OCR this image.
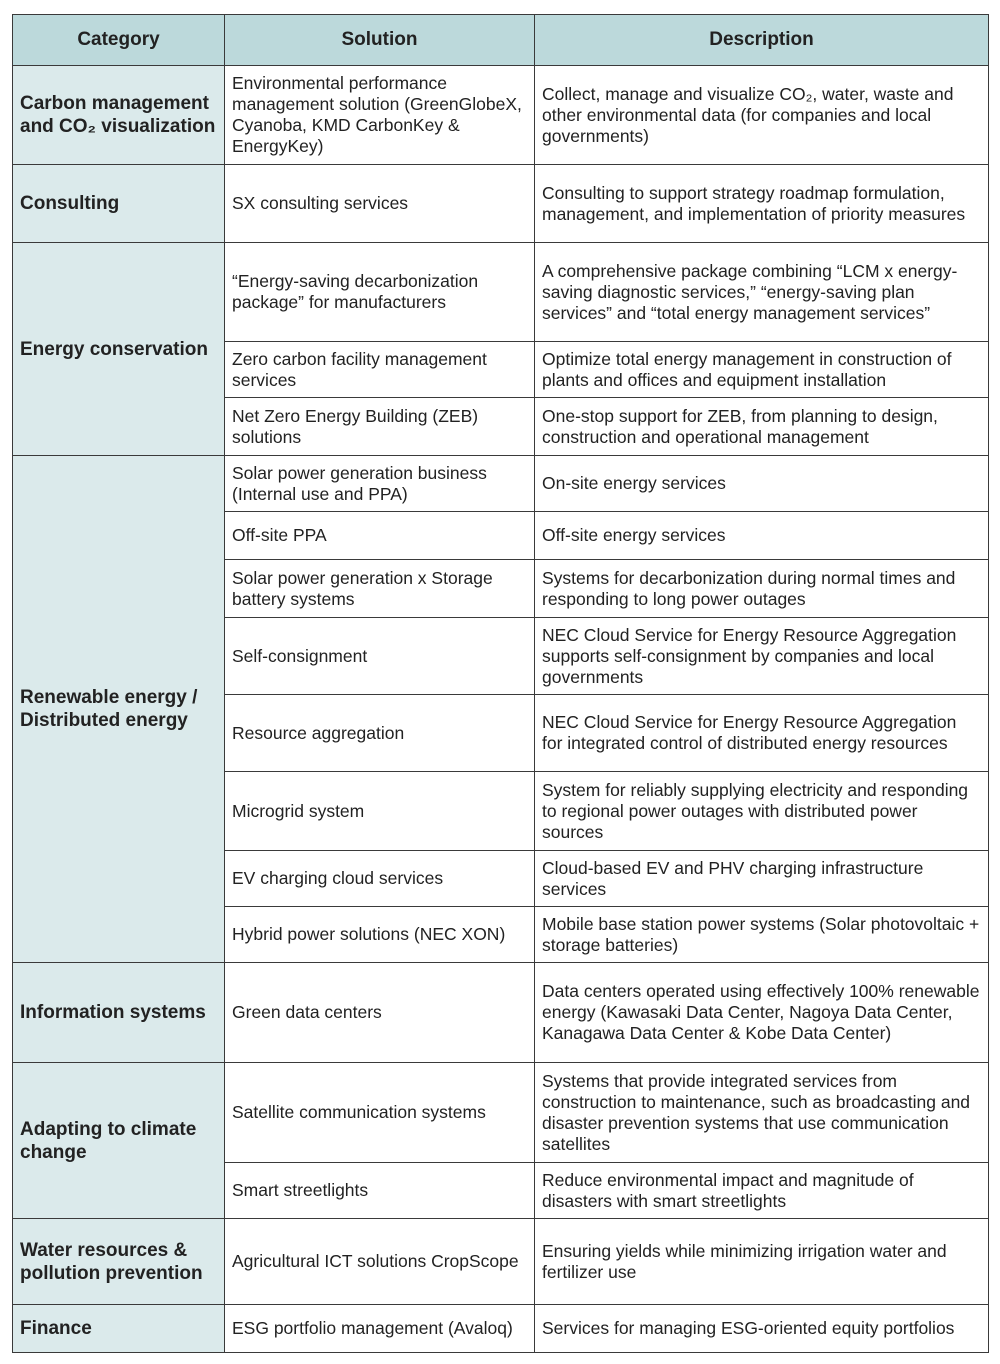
Category	Solution	Description
Carbon management and CO₂ visualization	Environmental performance management solution (GreenGlobeX, Cyanoba, KMD CarbonKey & EnergyKey)	Collect, manage and visualize CO₂, water, waste and other environmental data (for companies and local governments)
Consulting	SX consulting services	Consulting to support strategy roadmap formulation, management, and implementation of priority measures
Energy conservation	“Energy-saving decarbonization package” for manufacturers	A comprehensive package combining “LCM x energy-saving diagnostic services,” “energy-saving plan services” and “total energy management services”
	Zero carbon facility management services	Optimize total energy management in construction of plants and offices and equipment installation
	Net Zero Energy Building (ZEB) solutions	One-stop support for ZEB, from planning to design, construction and operational management
Renewable energy / Distributed energy	Solar power generation business (Internal use and PPA)	On-site energy services
	Off-site PPA	Off-site energy services
	Solar power generation x Storage battery systems	Systems for decarbonization during normal times and responding to long power outages
	Self-consignment	NEC Cloud Service for Energy Resource Aggregation supports self-consignment by companies and local governments
	Resource aggregation	NEC Cloud Service for Energy Resource Aggregation for integrated control of distributed energy resources
	Microgrid system	System for reliably supplying electricity and responding to regional power outages with distributed power sources
	EV charging cloud services	Cloud-based EV and PHV charging infrastructure services
	Hybrid power solutions (NEC XON)	Mobile base station power systems (Solar photovoltaic + storage batteries)
Information systems	Green data centers	Data centers operated using effectively 100% renewable energy (Kawasaki Data Center, Nagoya Data Center, Kanagawa Data Center & Kobe Data Center)
Adapting to climate change	Satellite communication systems	Systems that provide integrated services from construction to maintenance, such as broadcasting and disaster prevention systems that use communication satellites
	Smart streetlights	Reduce environmental impact and magnitude of disasters with smart streetlights
Water resources & pollution prevention	Agricultural ICT solutions CropScope	Ensuring yields while minimizing irrigation water and fertilizer use
Finance	ESG portfolio management (Avaloq)	Services for managing ESG-oriented equity portfolios
